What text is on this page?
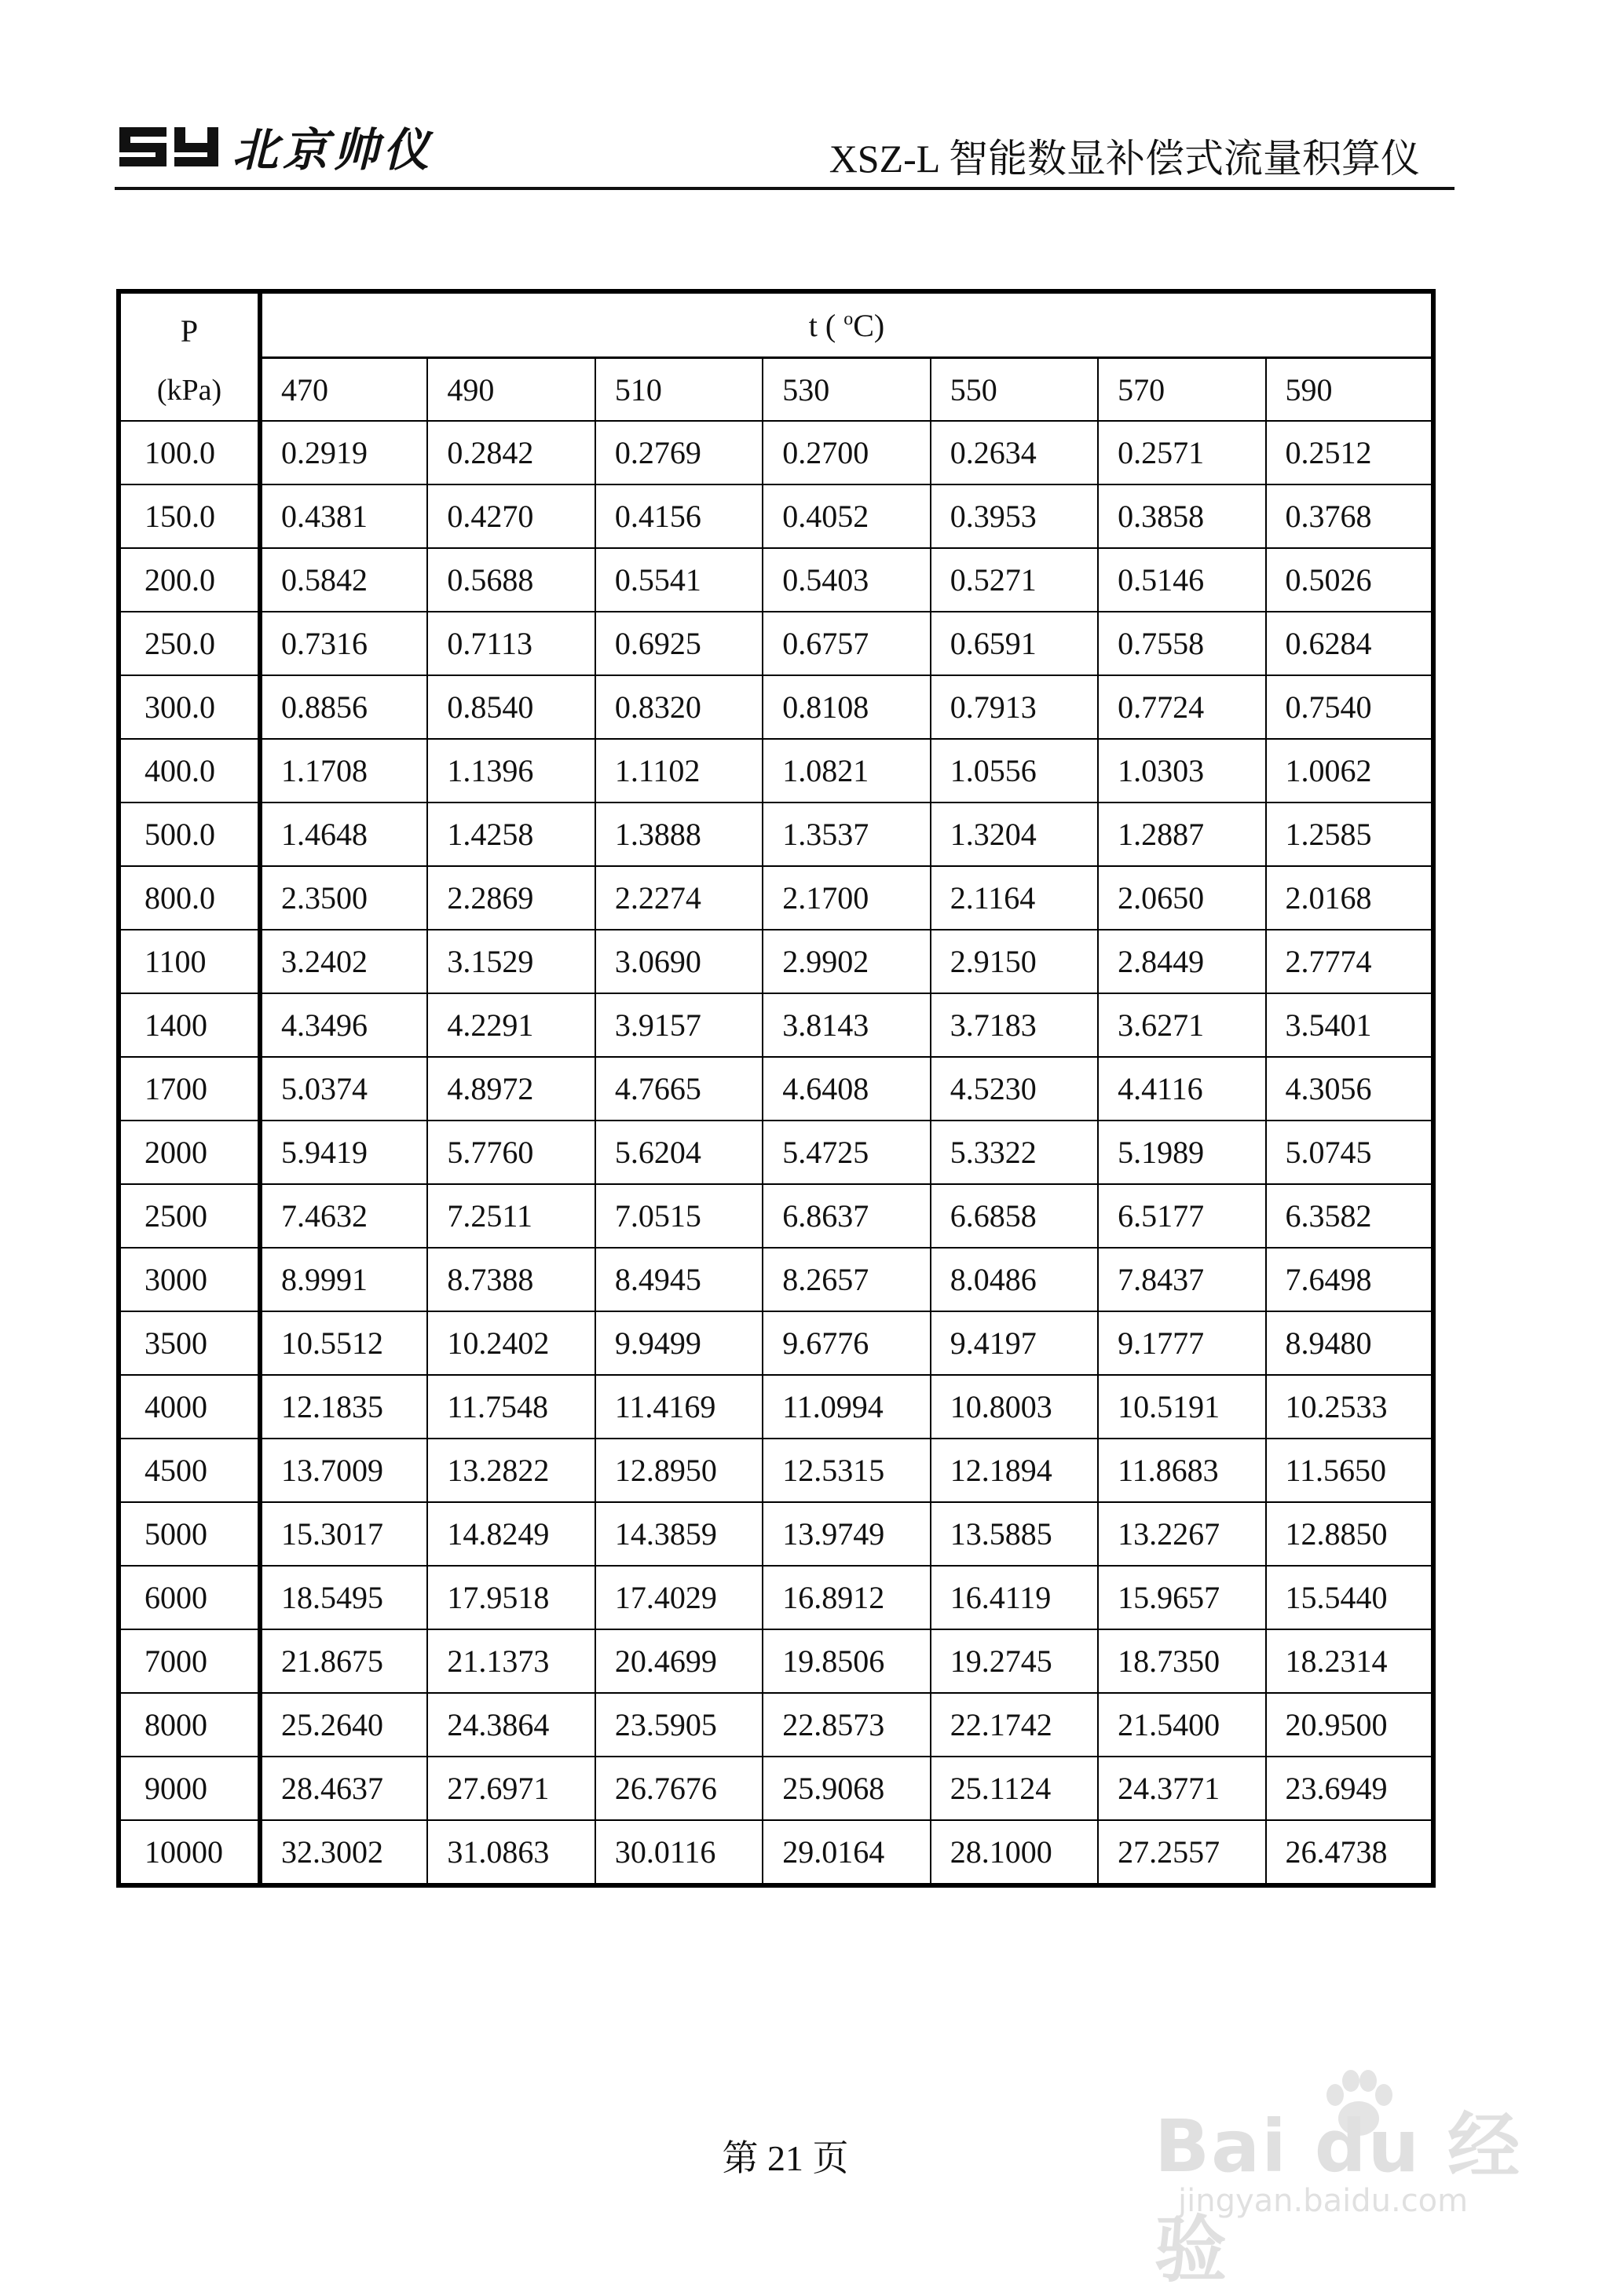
北京帅仪	XSZ-L 智能数显补偿式流量积算仪
P
(kPa)	t ( $^o$C)						
	470	490	510	530	550	570	590
100.0	0.2919	0.2842	0.2769	0.2700	0.2634	0.2571	0.2512
150.0	0.4381	0.4270	0.4156	0.4052	0.3953	0.3858	0.3768
200.0	0.5842	0.5688	0.5541	0.5403	0.5271	0.5146	0.5026
250.0	0.7316	0.7113	0.6925	0.6757	0.6591	0.7558	0.6284
300.0	0.8856	0.8540	0.8320	0.8108	0.7913	0.7724	0.7540
400.0	1.1708	1.1396	1.1102	1.0821	1.0556	1.0303	1.0062
500.0	1.4648	1.4258	1.3888	1.3537	1.3204	1.2887	1.2585
800.0	2.3500	2.2869	2.2274	2.1700	2.1164	2.0650	2.0168
1100	3.2402	3.1529	3.0690	2.9902	2.9150	2.8449	2.7774
1400	4.3496	4.2291	3.9157	3.8143	3.7183	3.6271	3.5401
1700	5.0374	4.8972	4.7665	4.6408	4.5230	4.4116	4.3056
2000	5.9419	5.7760	5.6204	5.4725	5.3322	5.1989	5.0745
2500	7.4632	7.2511	7.0515	6.8637	6.6858	6.5177	6.3582
3000	8.9991	8.7388	8.4945	8.2657	8.0486	7.8437	7.6498
3500	10.5512	10.2402	9.9499	9.6776	9.4197	9.1777	8.9480
4000	12.1835	11.7548	11.4169	11.0994	10.8003	10.5191	10.2533
4500	13.7009	13.2822	12.8950	12.5315	12.1894	11.8683	11.5650
5000	15.3017	14.8249	14.3859	13.9749	13.5885	13.2267	12.8850
6000	18.5495	17.9518	17.4029	16.8912	16.4119	15.9657	15.5440
7000	21.8675	21.1373	20.4699	19.8506	19.2745	18.7350	18.2314
8000	25.2640	24.3864	23.5905	22.8573	22.1742	21.5400	20.9500
9000	28.4637	27.6971	26.7676	25.9068	25.1124	24.3771	23.6949
10000	32.3002	31.0863	30.0116	29.0164	28.1000	27.2557	26.4738
第 21 页	Bai du 经验
jingyan.baidu.com
